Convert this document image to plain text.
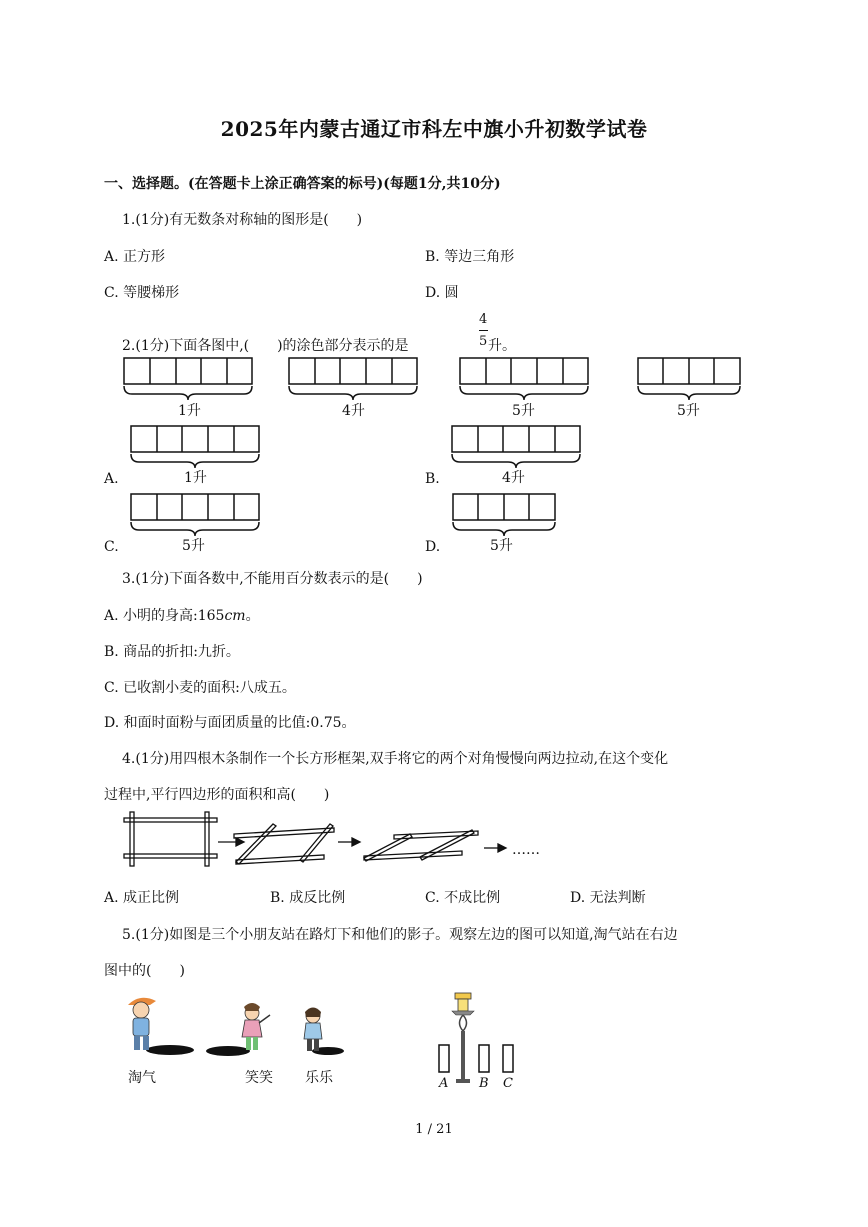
2025年内蒙古通辽市科左中旗小升初数学试卷
一、选择题。(在答题卡上涂正确答案的标号)(每题1分,共10分)
1.(1分)有无数条对称轴的图形是(　　)
A. 正方形	B. 等边三角形
C. 等腰梯形	D. 圆
2.(1分)下面各图中,(　　)的涂色部分表示的是
4
5 升。
1升	4升	5升	5升
A.	1升	B.	4升
C.	5升	D.	5升
3.(1分)下面各数中,不能用百分数表示的是(　　)
A. 小明的身高:165cm。
B. 商品的折扣:九折。
C. 已收割小麦的面积:八成五。
D. 和面时面粉与面团质量的比值:0.75。
4.(1分)用四根木条制作一个长方形框架,双手将它的两个对角慢慢向两边拉动,在这个变化
过程中,平行四边形的面积和高(　　)
……
A. 成正比例	B. 成反比例	C. 不成比例	D. 无法判断
5.(1分)如图是三个小朋友站在路灯下和他们的影子。观察左边的图可以知道,淘气站在右边
图中的(　　)
淘气	笑笑 乐乐	A B C
1 / 21
